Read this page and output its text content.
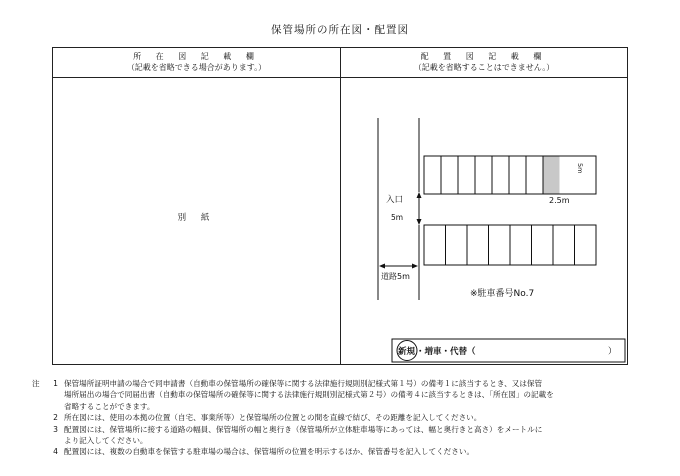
保管場所の所在図・配置図
所 在 図 記 載 欄
（記載を省略できる場合があります。）
配 置 図 記 載 欄
（記載を省略することはできません。）
別 紙
入口
5m
道路5m
5m
2.5m
※駐車番号No.7
新規 ・増車・代替（	）
注	1 保管場所証明申請の場合で同申請書（自動車の保管場所の確保等に関する法律施行規則別記様式第１号）の備考１に該当するとき、又は保管
場所届出の場合で同届出書（自動車の保管場所の確保等に関する法律施行規則別記様式第２号）の備考４に該当するときは、「所在図」の記載を
省略することができます。
2 所在図には、使用の本拠の位置（自宅、事業所等）と保管場所の位置との間を直線で結び、その距離を記入してください。
3 配置図には、保管場所に接する道路の幅員、保管場所の幅と奥行き（保管場所が立体駐車場等にあっては、幅と奥行きと高さ）をメートルに
より記入してください。
4 配置図には、複数の自動車を保管する駐車場の場合は、保管場所の位置を明示するほか、保管番号を記入してください。
